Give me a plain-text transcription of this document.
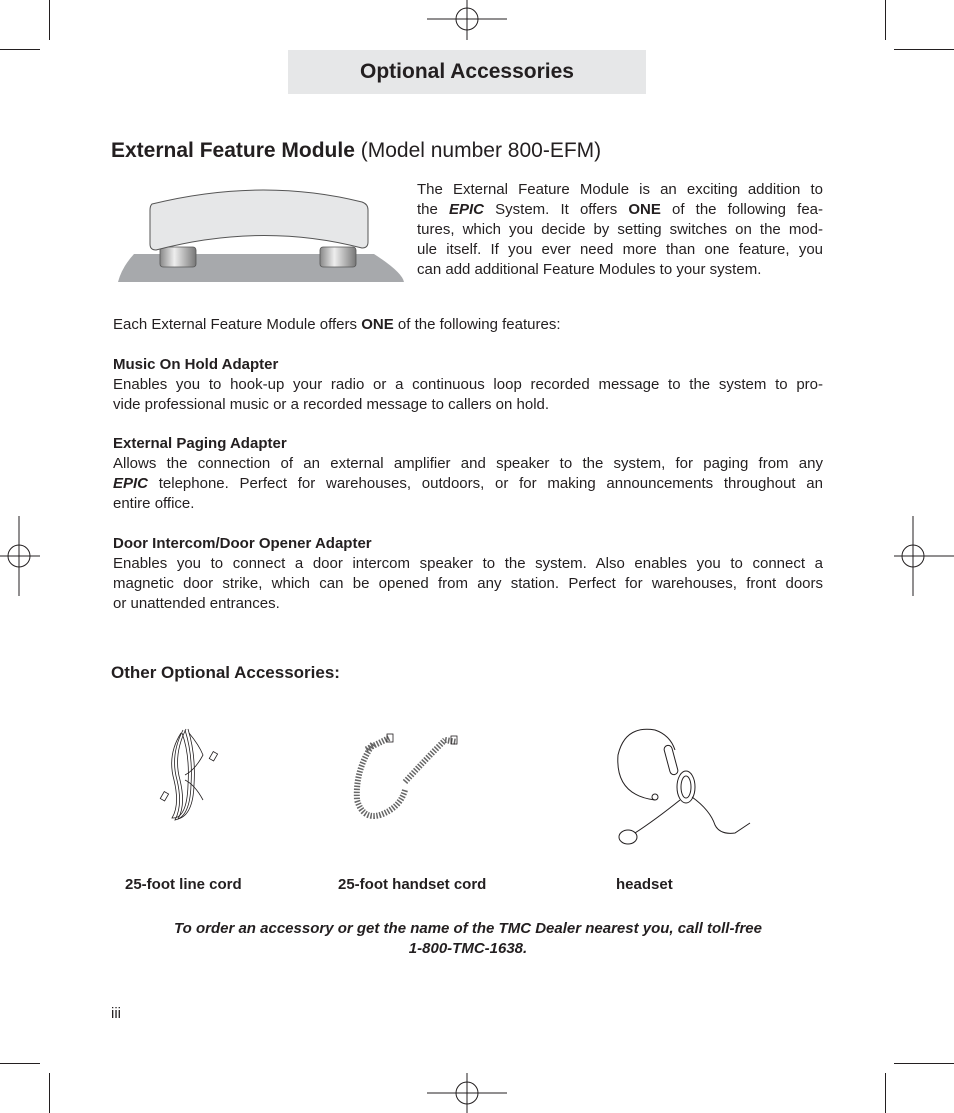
Optional Accessories
External Feature Module (Model number 800-EFM)
The External Feature Module is an exciting addition to
the EPIC System. It offers ONE of the following fea-
tures, which you decide by setting switches on the mod-
ule itself. If you ever need more than one feature, you
can add additional Feature Modules to your system.
Each External Feature Module offers ONE of the following features:
Music On Hold Adapter
Enables you to hook-up your radio or a continuous loop recorded message to the system to pro-
vide professional music or a recorded message to callers on hold.
External Paging Adapter
Allows the connection of an external amplifier and speaker to the system, for paging from any
EPIC telephone. Perfect for warehouses, outdoors, or for making announcements throughout an
entire office.
Door Intercom/Door Opener Adapter
Enables you to connect a door intercom speaker to the system. Also enables you to connect a
magnetic door strike, which can be opened from any station. Perfect for warehouses, front doors
or unattended entrances.
Other Optional Accessories:
25-foot line cord	25-foot handset cord	headset
To order an accessory or get the name of the TMC Dealer nearest you, call toll-free
1-800-TMC-1638.
iii
